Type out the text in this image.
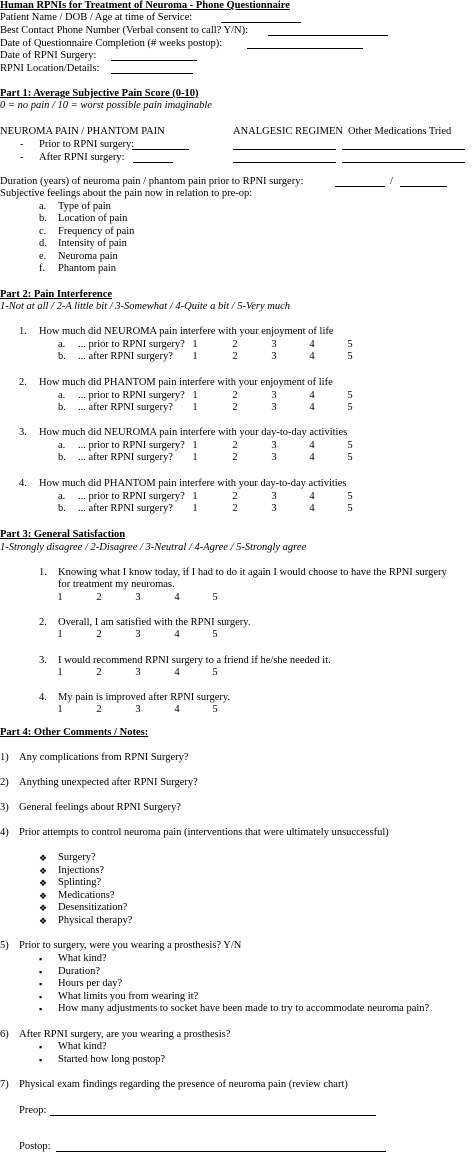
Human RPNIs for Treatment of Neuroma - Phone Questionnaire
Patient Name / DOB / Age at time of Service:
Best Contact Phone Number (Verbal consent to call? Y/N):
Date of Questionnaire Completion (# weeks postop):
Date of RPNI Surgery:
RPNI Location/Details:
Part 1: Average Subjective Pain Score (0-10)
0 = no pain / 10 = worst possible pain imaginable
NEUROMA PAIN / PHANTOM PAIN	ANALGESIC REGIMEN Other Medications Tried
- Prior to RPNI surgery:
- After RPNI surgery:
Duration (years) of neuroma pain / phantom pain prior to RPNI surgery:	/
Subjective feelings about the pain now in relation to pre-op:
a. Type of pain
b. Location of pain
c. Frequency of pain
d. Intensity of pain
e. Neuroma pain
f. Phantom pain
Part 2: Pain Interference
1-Not at all / 2-A little bit / 3-Somewhat / 4-Quite a bit / 5-Very much
1. How much did NEUROMA pain interfere with your enjoyment of life
a. ... prior to RPNI surgery? 1	2	3	4	5
b. ... after RPNI surgery?	1	2	3	4	5
2. How much did PHANTOM pain interfere with your enjoyment of life
a. ... prior to RPNI surgery? 1	2	3	4	5
b. ... after RPNI surgery?	1	2	3	4	5
3. How much did NEUROMA pain interfere with your day-to-day activities
a. ... prior to RPNI surgery? 1	2	3	4	5
b. ... after RPNI surgery?	1	2	3	4	5
4. How much did PHANTOM pain interfere with your day-to-day activities
a. ... prior to RPNI surgery? 1	2	3	4	5
b. ... after RPNI surgery?	1	2	3	4	5
Part 3: General Satisfaction
1-Strongly disagree / 2-Disagree / 3-Neutral / 4-Agree / 5-Strongly agree
1. Knowing what I know today, if I had to do it again I would choose to have the RPNI surgery
for treatment my neuromas.
1	2	3	4	5
2. Overall, I am satisfied with the RPNI surgery.
1	2	3	4	5
3. I would recommend RPNI surgery to a friend if he/she needed it.
1	2	3	4	5
4. My pain is improved after RPNI surgery.
1	2	3	4	5
Part 4: Other Comments / Notes:
1) Any complications from RPNI Surgery?
2) Anything unexpected after RPNI Surgery?
3) General feelings about RPNI Surgery?
4) Prior attempts to control neuroma pain (interventions that were ultimately unsuccessful)
❖ Surgery?
❖ Injections?
❖ Splinting?
❖ Medications?
❖ Desensitization?
❖ Physical therapy?
5) Prior to surgery, were you wearing a prosthesis? Y/N
▪ What kind?
▪ Duration?
▪ Hours per day?
▪ What limits you from wearing it?
▪ How many adjustments to socket have been made to try to accommodate neuroma pain?
6) After RPNI surgery, are you wearing a prosthesis?
▪ What kind?
▪ Started how long postop?
7) Physical exam findings regarding the presence of neuroma pain (review chart)
Preop:
Postop:
